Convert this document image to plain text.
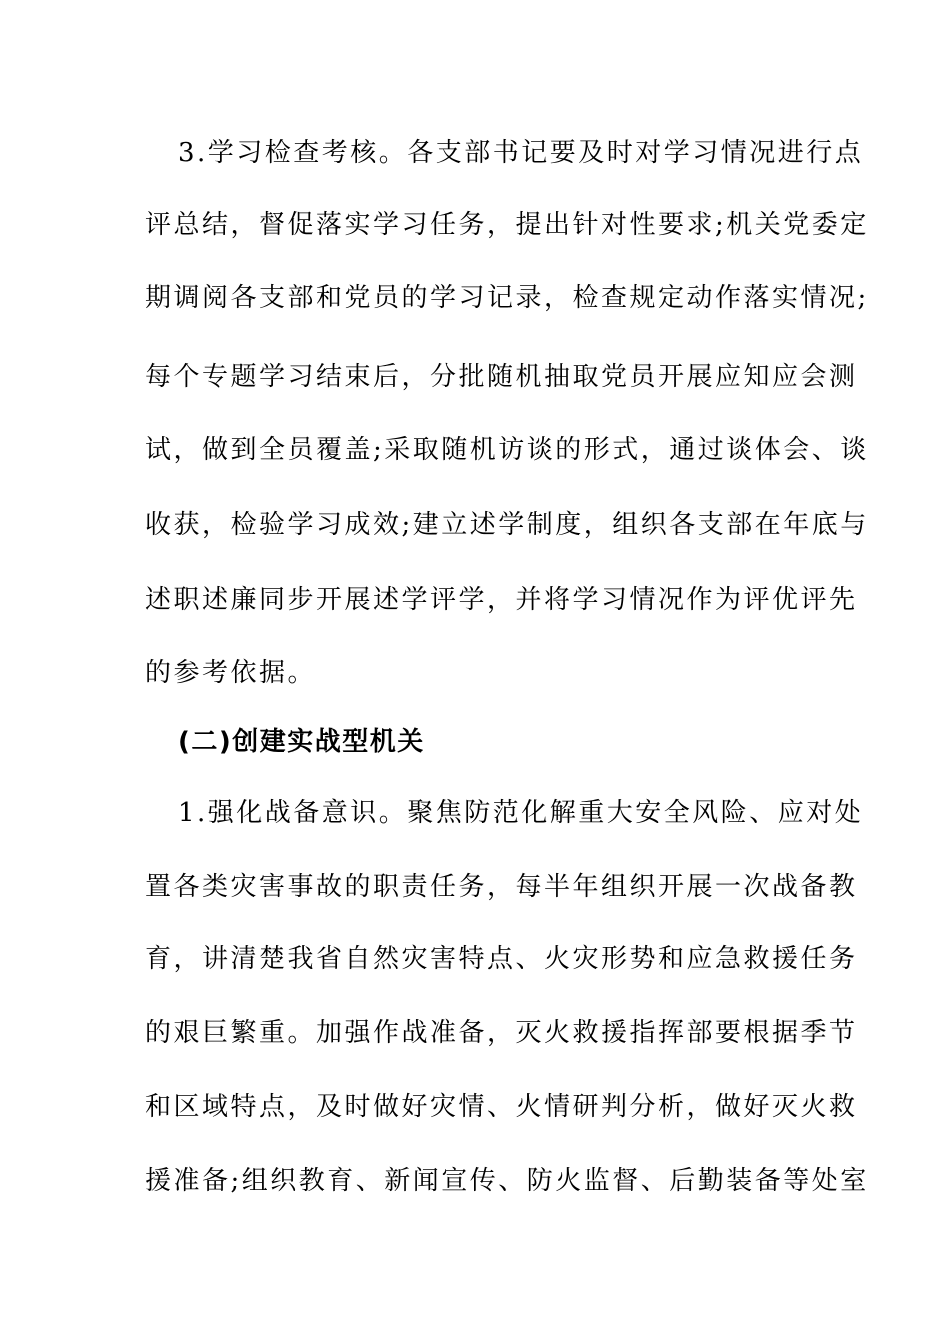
3.学习检查考核。各支部书记要及时对学习情况进行点
评总结，督促落实学习任务，提出针对性要求;机关党委定
期调阅各支部和党员的学习记录，检查规定动作落实情况;
每个专题学习结束后，分批随机抽取党员开展应知应会测
试，做到全员覆盖;采取随机访谈的形式，通过谈体会、谈
收获，检验学习成效;建立述学制度，组织各支部在年底与
述职述廉同步开展述学评学，并将学习情况作为评优评先
的参考依据。
(二)创建实战型机关
1.强化战备意识。聚焦防范化解重大安全风险、应对处
置各类灾害事故的职责任务，每半年组织开展一次战备教
育，讲清楚我省自然灾害特点、火灾形势和应急救援任务
的艰巨繁重。加强作战准备，灭火救援指挥部要根据季节
和区域特点，及时做好灾情、火情研判分析，做好灭火救
援准备;组织教育、新闻宣传、防火监督、后勤装备等处室
